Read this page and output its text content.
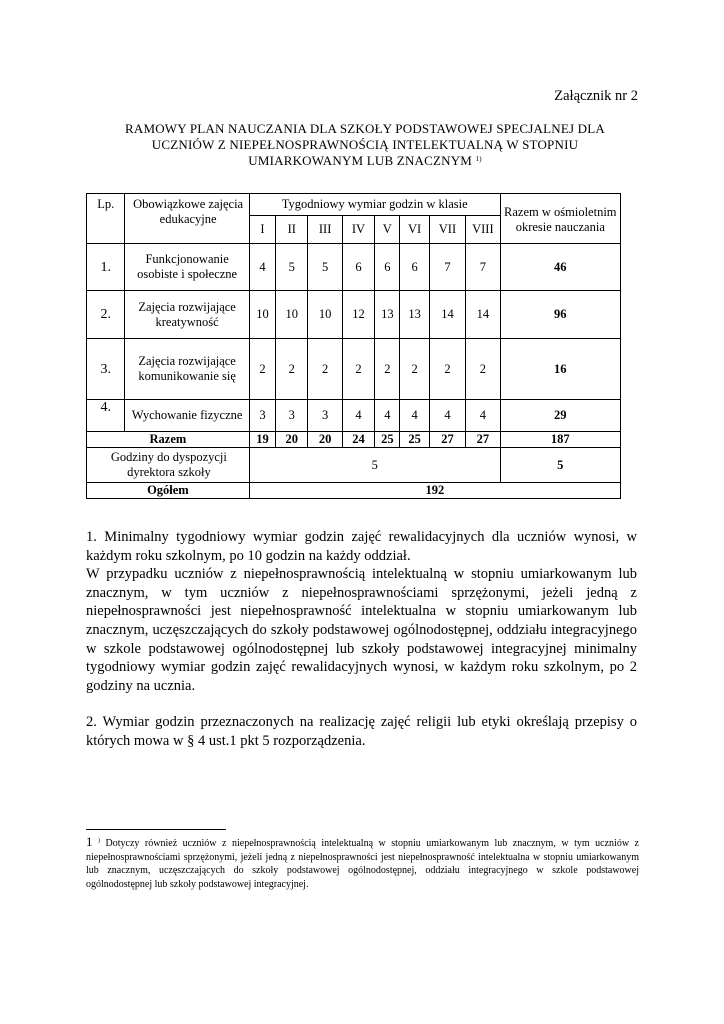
Załącznik nr 2
RAMOWY PLAN NAUCZANIA DLA SZKOŁY PODSTAWOWEJ SPECJALNEJ DLA
UCZNIÓW Z NIEPEŁNOSPRAWNOŚCIĄ INTELEKTUALNĄ W STOPNIU
UMIARKOWANYM LUB ZNACZNYM $^{1)}$
Lp.	Obowiązkowe zajęcia edukacyjne	Tygodniowy wymiar godzin w klasie								Razem w ośmioletnim okresie nauczania
		I	II	III	IV	V	VI	VII	VIII	
1.	Funkcjonowanie osobiste i społeczne	4	5	5	6	6	6	7	7	46
2.	Zajęcia rozwijające kreatywność	10	10	10	12	13	13	14	14	96
3.	Zajęcia rozwijające komunikowanie się	2	2	2	2	2	2	2	2	16
4.	Wychowanie fizyczne	3	3	3	4	4	4	4	4	29
Razem		19	20	20	24	25	25	27	27	187
Godziny do dyspozycji dyrektora szkoły		5								5
Ogółem		192								

1. Minimalny tygodniowy wymiar godzin zajęć rewalidacyjnych dla uczniów wynosi, w każdym roku szkolnym, po 10 godzin na każdy oddział.

W przypadku uczniów z niepełnosprawnością intelektualną w stopniu umiarkowanym lub znacznym, w tym uczniów z niepełnosprawnościami sprzężonymi, jeżeli jedną z niepełnosprawności jest niepełnosprawność intelektualna w stopniu umiarkowanym lub znacznym, uczęszczających do szkoły podstawowej ogólnodostępnej, oddziału integracyjnego w szkole podstawowej ogólnodostępnej lub szkoły podstawowej integracyjnej minimalny tygodniowy wymiar godzin zajęć rewalidacyjnych wynosi, w każdym roku szkolnym, po 2 godziny na ucznia.

2. Wymiar godzin przeznaczonych na realizację zajęć religii lub etyki określają przepisy o których mowa w § 4 ust.1 pkt 5 rozporządzenia.

1 ) Dotyczy również uczniów z niepełnosprawnością intelektualną w stopniu umiarkowanym lub znacznym, w tym uczniów z niepełnosprawnościami sprzężonymi, jeżeli jedną z niepełnosprawności jest niepełnosprawność intelektualna w stopniu umiarkowanym lub znacznym, uczęszczających do szkoły podstawowej ogólnodostępnej, oddziału integracyjnego w szkole podstawowej ogólnodostępnej lub szkoły podstawowej integracyjnej.
